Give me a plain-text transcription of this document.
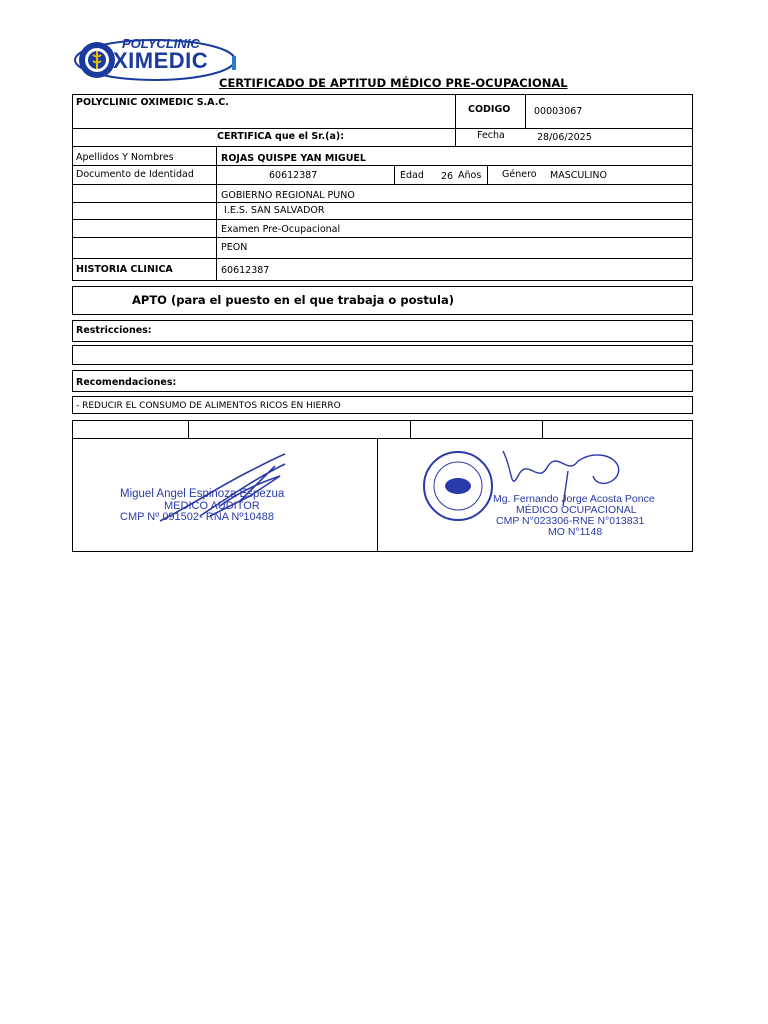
POLYCLINIC
XIMEDIC
CERTIFICADO DE APTITUD MÉDICO PRE-OCUPACIONAL
POLYCLINIC OXIMEDIC S.A.C.
CODIGO 00003067
CERTIFICA que el Sr.(a):	Fecha	28/06/2025
Apellidos Y Nombres	ROJAS QUISPE YAN MIGUEL
Documento de Identidad	60612387	Edad 26 Años Género MASCULINO
GOBIERNO REGIONAL PUNO
I.E.S. SAN SALVADOR
Examen Pre-Ocupacional
PEON
HISTORIA CLINICA	60612387
APTO (para el puesto en el que trabaja o postula)
Restricciones:
Recomendaciones:
- REDUCIR EL CONSUMO DE ALIMENTOS RICOS EN HIERRO
Miguel Angel Espinoza Espezua
MEDICO AUDITOR
CMP Nº 091502- RNA Nº10488
Mg. Fernando Jorge Acosta Ponce
MÉDICO OCUPACIONAL
CMP N°023306-RNE N°013831
MO N°1148
